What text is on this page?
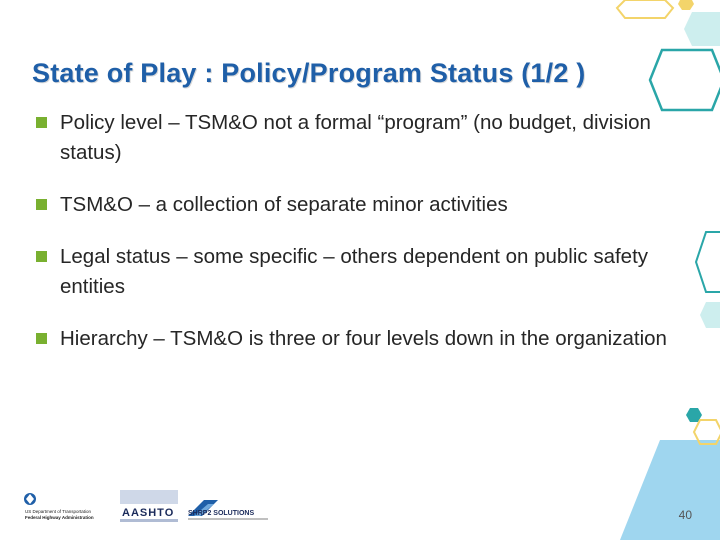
State of Play : Policy/Program Status (1/2 )
Policy level – TSM&O not a formal “program” (no budget, division status)
TSM&O – a collection of separate minor activities
Legal status – some specific – others dependent on public safety entities
Hierarchy – TSM&O is three or four levels down in the organization
US Department of Transportation
Federal Highway Administration	AASHTO SHRP2 SOLUTIONS	40
